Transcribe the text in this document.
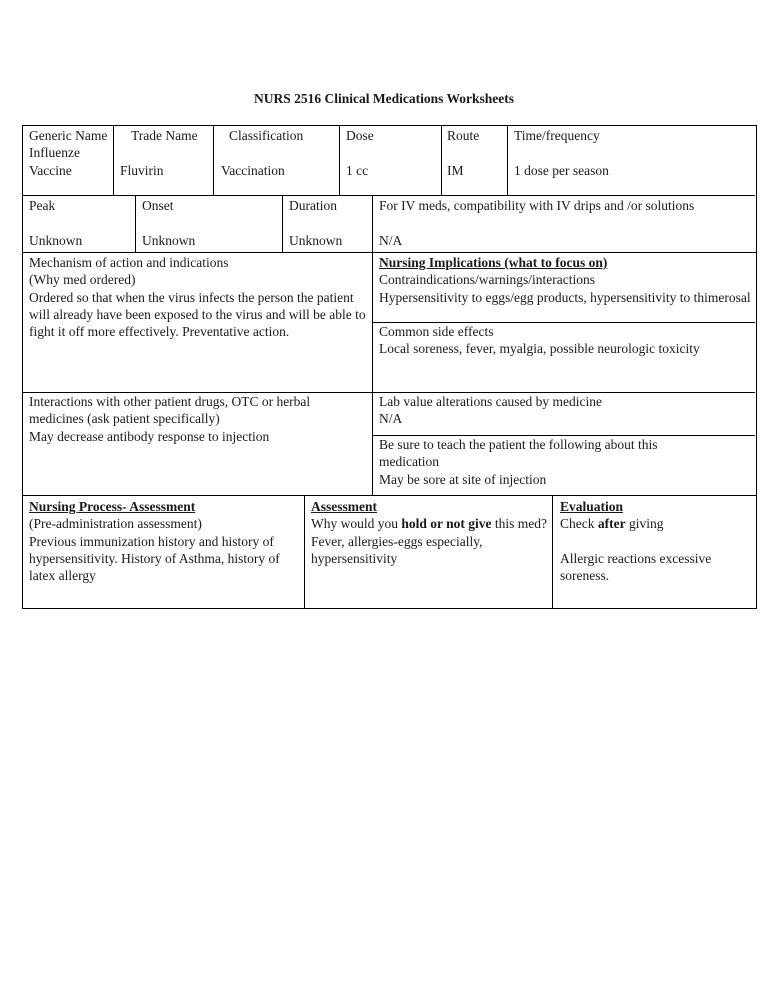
NURS 2516 Clinical Medications Worksheets
Generic Name
Influenze Vaccine
Trade Name
Fluvirin
Classification
Vaccination
Dose
1 cc
Route
IM
Time/frequency
1 dose per season
Peak
Unknown
Onset
Unknown
Duration
Unknown
For IV meds, compatibility with IV drips and /or solutions
N/A
Mechanism of action and indications
(Why med ordered)
Ordered so that when the virus infects the person the patient will already have been exposed to the virus and will be able to fight it off more effectively. Preventative action.
Nursing Implications (what to focus on)
Contraindications/warnings/interactions
Hypersensitivity to eggs/egg products, hypersensitivity to thimerosal
Common side effects
Local soreness, fever, myalgia, possible neurologic toxicity
Interactions with other patient drugs, OTC or herbal medicines (ask patient specifically)
May decrease antibody response to injection
Lab value alterations caused by medicine
N/A
Be sure to teach the patient the following about this medication
May be sore at site of injection
Nursing Process- Assessment
(Pre-administration assessment)
Previous immunization history and history of hypersensitivity. History of Asthma, history of latex allergy
Assessment
Why would you hold or not give this med?
Fever, allergies-eggs especially, hypersensitivity
Evaluation
Check after giving
Allergic reactions excessive soreness.
